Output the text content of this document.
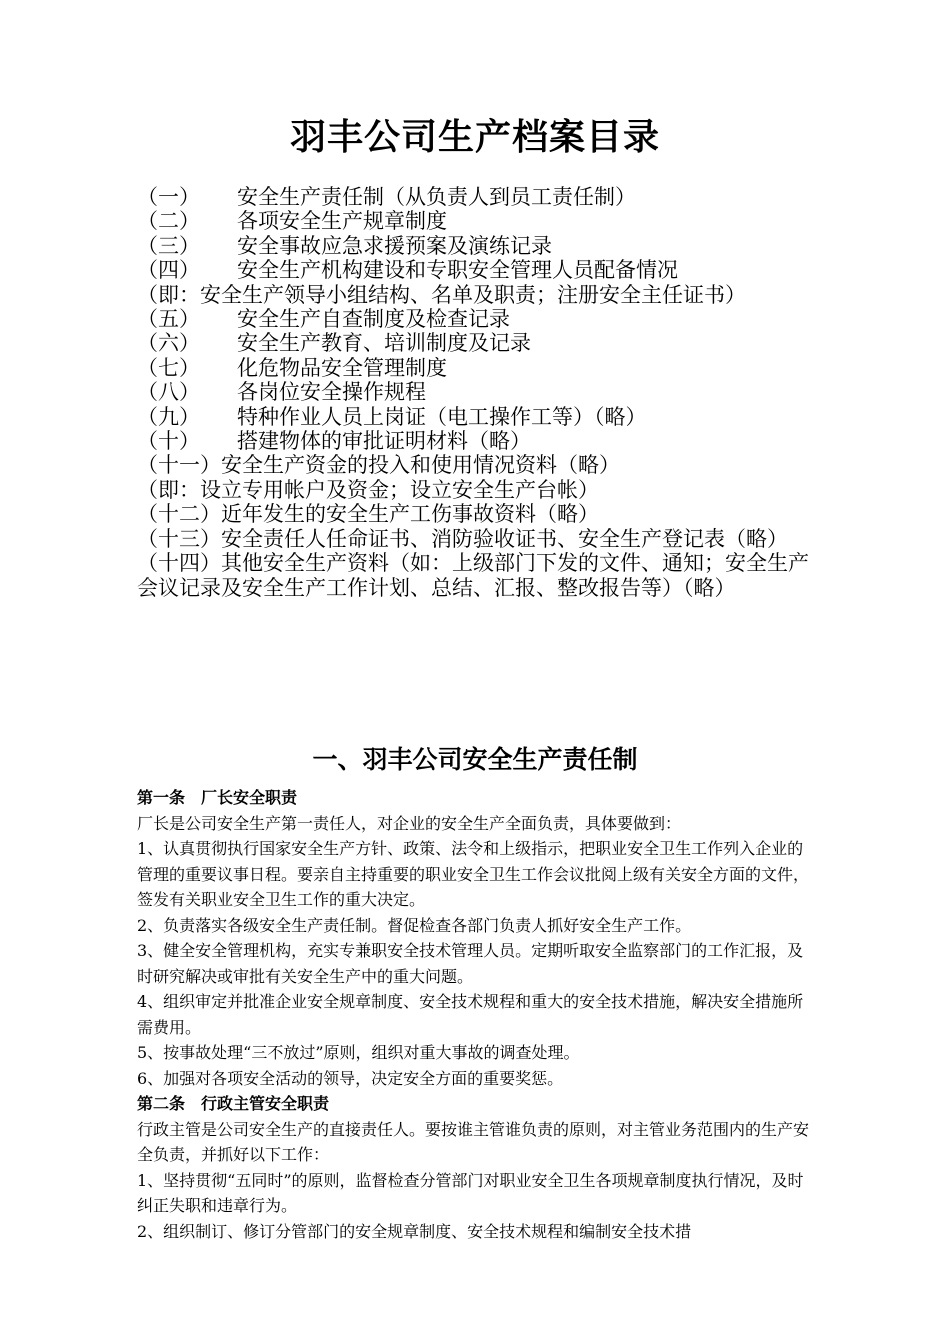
羽丰公司生产档案目录
（一）	安全生产责任制（从负责人到员工责任制）
（二）	各项安全生产规章制度
（三）	安全事故应急求援预案及演练记录
（四）	安全生产机构建设和专职安全管理人员配备情况
（即：安全生产领导小组结构、名单及职责；注册安全主任证书）
（五）	安全生产自查制度及检查记录
（六）	安全生产教育、培训制度及记录
（七）	化危物品安全管理制度
（八）	各岗位安全操作规程
（九）	特种作业人员上岗证（电工操作工等）（略）
（十）	搭建物体的审批证明材料（略）
（十一） 安全生产资金的投入和使用情况资料（略）
（即：设立专用帐户及资金；设立安全生产台帐）
（十二）近年发生的安全生产工伤事故资料（略）
（十三）安全责任人任命证书、消防验收证书、安全生产登记表（略）
（十四）其他安全生产资料（如：上级部门下发的文件、通知；安全生产会议记录及安全生产工作计划、总结、汇报、整改报告等）（略）
一、羽丰公司安全生产责任制

第一条　厂长安全职责

厂长是公司安全生产第一责任人，对企业的安全生产全面负责，具体要做到：

1、认真贯彻执行国家安全生产方针、政策、法令和上级指示，把职业安全卫生工作列入企业的管理的重要议事日程。要亲自主持重要的职业安全卫生工作会议批阅上级有关安全方面的文件，签发有关职业安全卫生工作的重大决定。

2、负责落实各级安全生产责任制。督促检查各部门负责人抓好安全生产工作。

3、健全安全管理机构，充实专兼职安全技术管理人员。定期听取安全监察部门的工作汇报，及时研究解决或审批有关安全生产中的重大问题。

4、组织审定并批准企业安全规章制度、安全技术规程和重大的安全技术措施，解决安全措施所需费用。

5、按事故处理“三不放过”原则，组织对重大事故的调查处理。

6、加强对各项安全活动的领导，决定安全方面的重要奖惩。

第二条　行政主管安全职责

行政主管是公司安全生产的直接责任人。要按谁主管谁负责的原则，对主管业务范围内的生产安全负责，并抓好以下工作：

1、坚持贯彻“五同时”的原则，监督检查分管部门对职业安全卫生各项规章制度执行情况，及时纠正失职和违章行为。

2、组织制订、修订分管部门的安全规章制度、安全技术规程和编制安全技术措
